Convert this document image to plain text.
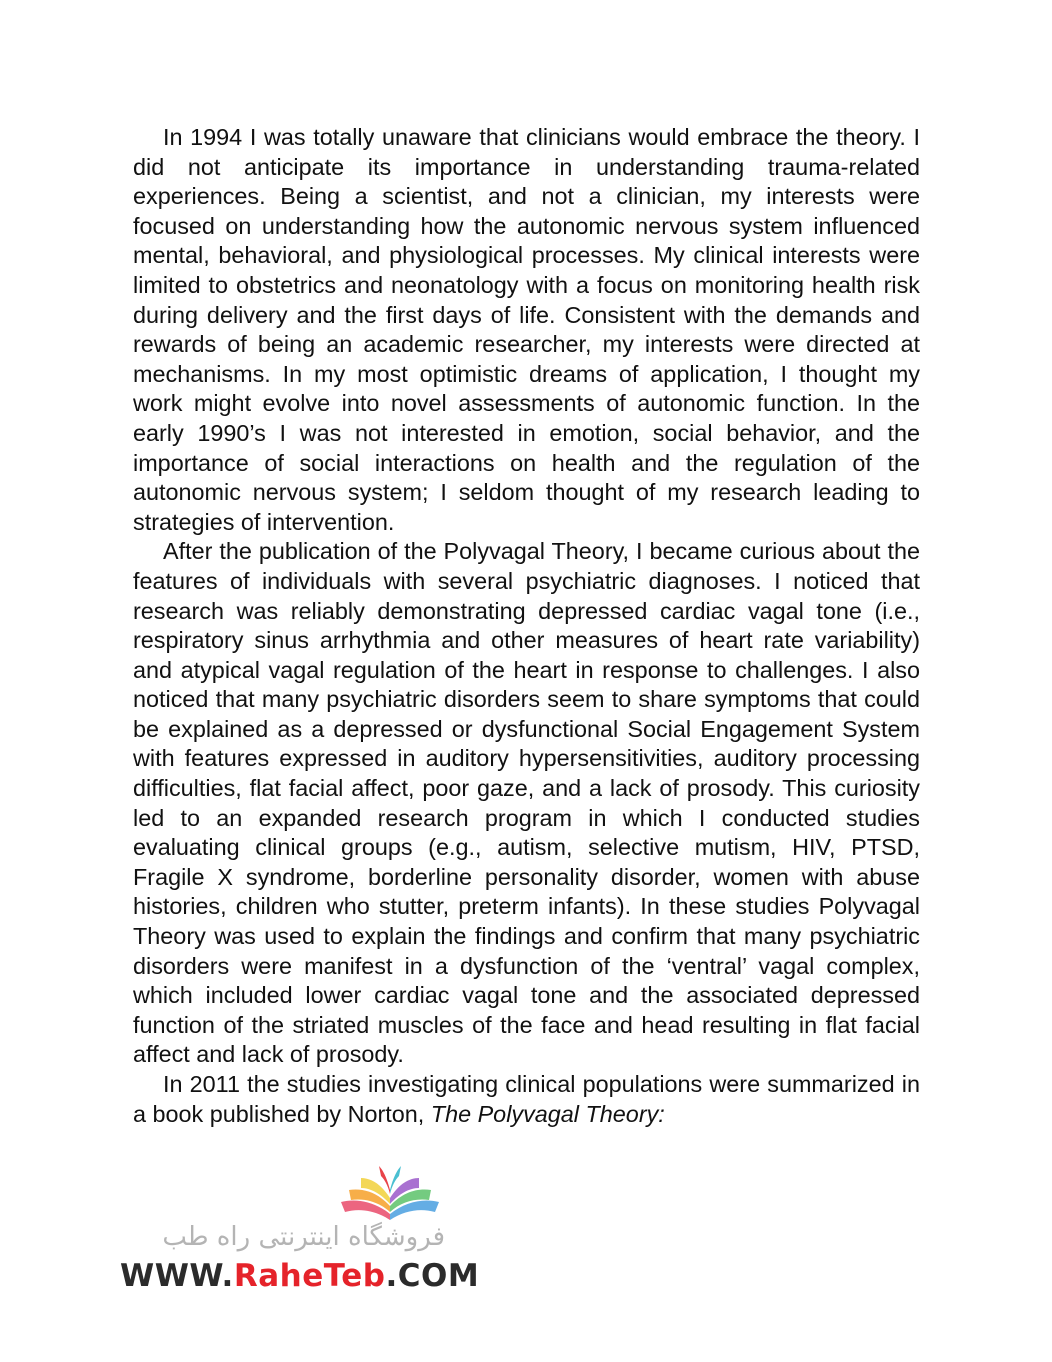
In 1994 I was totally unaware that clinicians would embrace the theory. I did not anticipate its importance in understanding trauma-related experiences. Being a scientist, and not a clinician, my interests were focused on understanding how the autonomic nervous system influenced mental, behavioral, and physiological processes. My clinical interests were limited to obstetrics and neonatology with a focus on monitoring health risk during delivery and the first days of life. Consistent with the demands and rewards of being an academic researcher, my interests were directed at mechanisms. In my most optimistic dreams of application, I thought my work might evolve into novel assessments of autonomic function. In the early 1990’s I was not interested in emotion, social behavior, and the importance of social interactions on health and the regulation of the autonomic nervous system; I seldom thought of my research leading to strategies of intervention.

After the publication of the Polyvagal Theory, I became curious about the features of individuals with several psychiatric diagnoses. I noticed that research was reliably demonstrating depressed cardiac vagal tone (i.e., respiratory sinus arrhythmia and other measures of heart rate variability) and atypical vagal regulation of the heart in response to challenges. I also noticed that many psychiatric disorders seem to share symptoms that could be explained as a depressed or dysfunctional Social Engagement System with features expressed in auditory hypersensitivities, auditory processing difficulties, flat facial affect, poor gaze, and a lack of prosody. This curiosity led to an expanded research program in which I conducted studies evaluating clinical groups (e.g., autism, selective mutism, HIV, PTSD, Fragile X syndrome, borderline personality disorder, women with abuse histories, children who stutter, preterm infants). In these studies Polyvagal Theory was used to explain the findings and confirm that many psychiatric disorders were manifest in a dysfunction of the ‘ventral’ vagal complex, which included lower cardiac vagal tone and the associated depressed function of the striated muscles of the face and head resulting in flat facial affect and lack of prosody.

In 2011 the studies investigating clinical populations were summarized in a book published by Norton, The Polyvagal Theory:

فروشگاه اینترنتی راه طب
WWW.RaheTeb.COM
